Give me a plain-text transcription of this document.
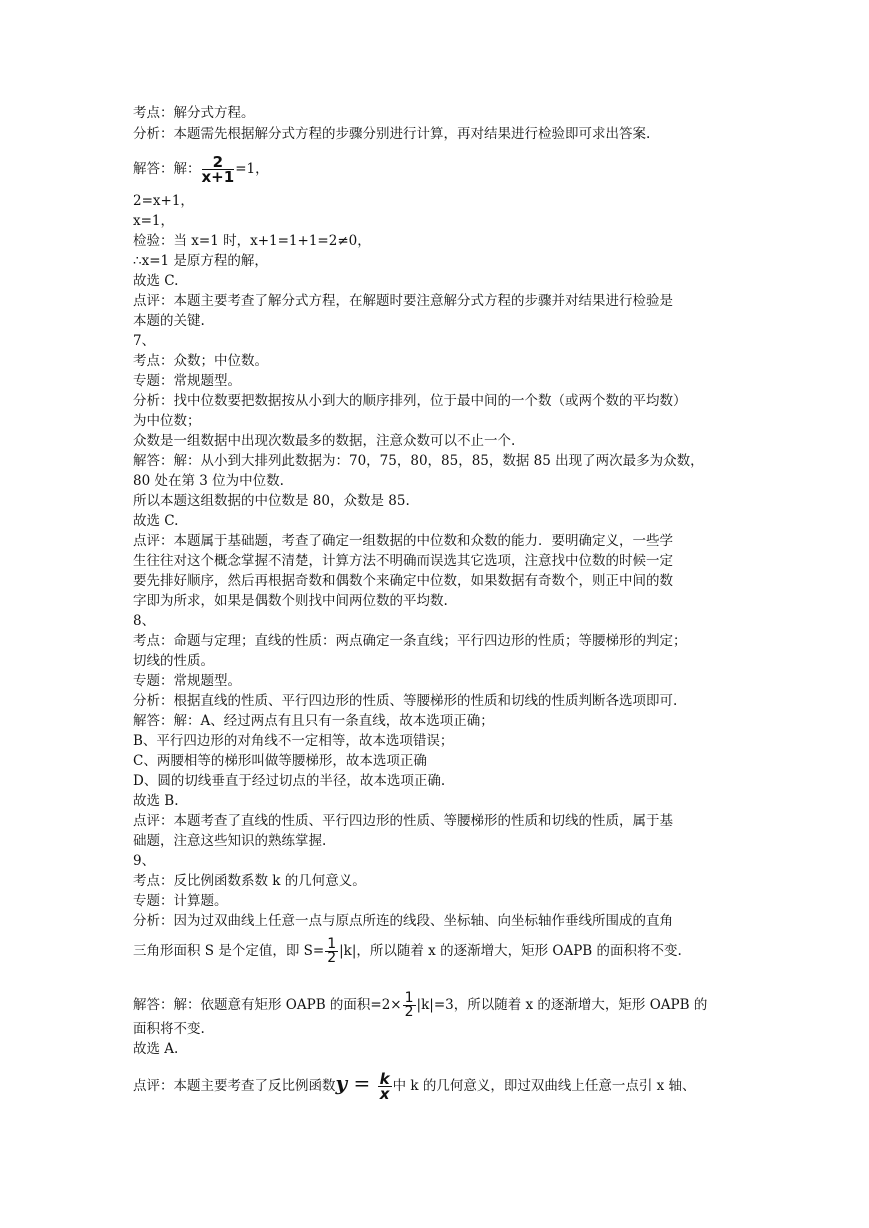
考点：解分式方程。
分析：本题需先根据解分式方程的步骤分别进行计算，再对结果进行检验即可求出答案.
解答：解： $\frac{2}{x+1} =1$，
2=x+1，
x=1，
检验：当 x=1 时，x+1=1+1=2≠0，
∴x=1 是原方程的解，
故选 C.
点评：本题主要考查了解分式方程，在解题时要注意解分式方程的步骤并对结果进行检验是
本题的关键.
7、
考点：众数；中位数。
专题：常规题型。
分析：找中位数要把数据按从小到大的顺序排列，位于最中间的一个数（或两个数的平均数）
为中位数；
众数是一组数据中出现次数最多的数据，注意众数可以不止一个.
解答：解：从小到大排列此数据为：70，75，80，85，85，数据 85 出现了两次最多为众数，
80 处在第 3 位为中位数.
所以本题这组数据的中位数是 80，众数是 85.
故选 C.
点评：本题属于基础题，考查了确定一组数据的中位数和众数的能力．要明确定义，一些学
生往往对这个概念掌握不清楚，计算方法不明确而误选其它选项，注意找中位数的时候一定
要先排好顺序，然后再根据奇数和偶数个来确定中位数，如果数据有奇数个，则正中间的数
字即为所求，如果是偶数个则找中间两位数的平均数.
8、
考点：命题与定理；直线的性质：两点确定一条直线；平行四边形的性质；等腰梯形的判定；
切线的性质。
专题：常规题型。
分析：根据直线的性质、平行四边形的性质、等腰梯形的性质和切线的性质判断各选项即可.
解答：解：A、经过两点有且只有一条直线，故本选项正确；
B、平行四边形的对角线不一定相等，故本选项错误；
C、两腰相等的梯形叫做等腰梯形，故本选项正确
D、圆的切线垂直于经过切点的半径，故本选项正确.
故选 B.
点评：本题考查了直线的性质、平行四边形的性质、等腰梯形的性质和切线的性质，属于基
础题，注意这些知识的熟练掌握.
9、
考点：反比例函数系数 k 的几何意义。
专题：计算题。
分析：因为过双曲线上任意一点与原点所连的线段、坐标轴、向坐标轴作垂线所围成的直角
三角形面积 S 是个定值，即 $S= \frac{1}{2} |k|$，所以随着 x 的逐渐增大，矩形 OAPB 的面积将不变.
解答：解：依题意有矩形 OAPB 的面积$=2\times \frac{1}{2} |k|=3$，所以随着 x 的逐渐增大，矩形 OAPB 的
面积将不变.
故选 A.
点评：本题主要考查了反比例函数$y = \frac{k}{x}$ 中 k 的几何意义，即过双曲线上任意一点引 x 轴、
